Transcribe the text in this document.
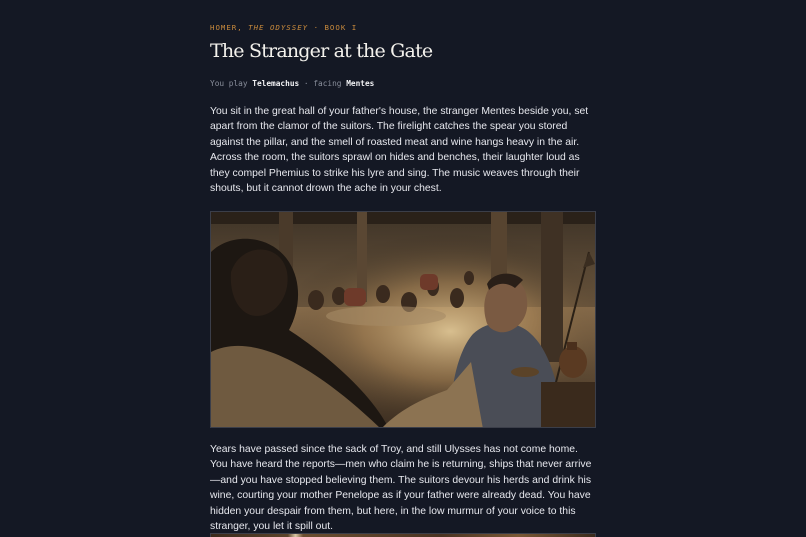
HOMER, THE ODYSSEY · BOOK I
The Stranger at the Gate
You play Telemachus · facing Mentes

You sit in the great hall of your father's house, the stranger Mentes beside you, set apart from the clamor of the suitors. The firelight catches the spear you stored against the pillar, and the smell of roasted meat and wine hangs heavy in the air. Across the room, the suitors sprawl on hides and benches, their laughter loud as they compel Phemius to strike his lyre and sing. The music weaves through their shouts, but it cannot drown the ache in your chest.

Years have passed since the sack of Troy, and still Ulysses has not come home. You have heard the reports—men who claim he is returning, ships that never arrive—and you have stopped believing them. The suitors devour his herds and drink his wine, courting your mother Penelope as if your father were already dead. You have hidden your despair from them, but here, in the low murmur of your voice to this stranger, you let it spill out.
